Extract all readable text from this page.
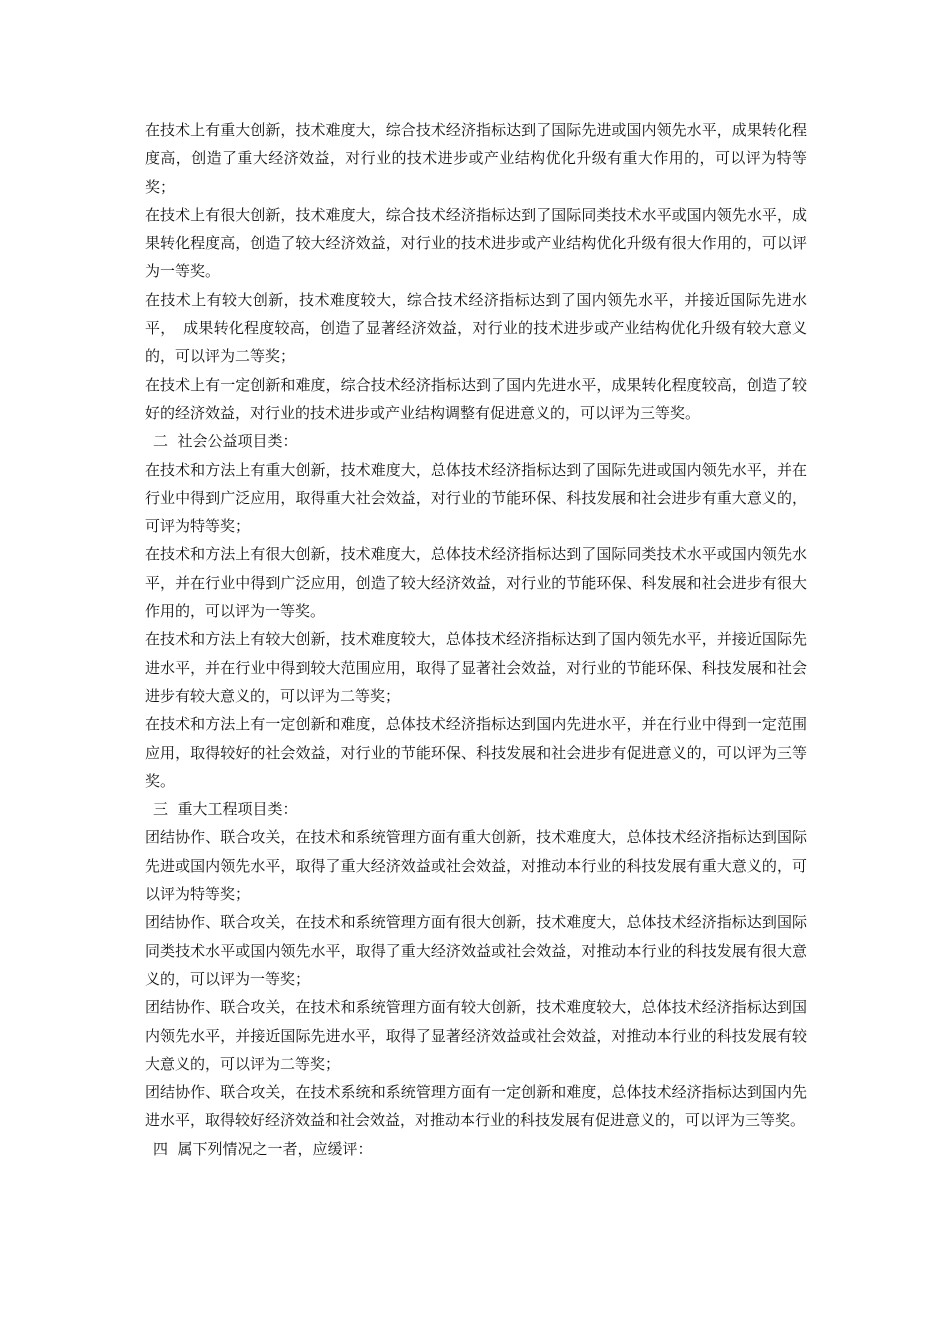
在技术上有重大创新，技术难度大，综合技术经济指标达到了国际先进或国内领先水平，成果转化程度高，创造了重大经济效益，对行业的技术进步或产业结构优化升级有重大作用的，可以评为特等奖；

在技术上有很大创新，技术难度大，综合技术经济指标达到了国际同类技术水平或国内领先水平，成果转化程度高，创造了较大经济效益，对行业的技术进步或产业结构优化升级有很大作用的，可以评为一等奖。

在技术上有较大创新，技术难度较大，综合技术经济指标达到了国内领先水平，并接近国际先进水平，　成果转化程度较高，创造了显著经济效益，对行业的技术进步或产业结构优化升级有较大意义的，可以评为二等奖；

在技术上有一定创新和难度，综合技术经济指标达到了国内先进水平，成果转化程度较高，创造了较好的经济效益，对行业的技术进步或产业结构调整有促进意义的，可以评为三等奖。

二  社会公益项目类：

在技术和方法上有重大创新，技术难度大，总体技术经济指标达到了国际先进或国内领先水平，并在行业中得到广泛应用，取得重大社会效益，对行业的节能环保、科技发展和社会进步有重大意义的，可评为特等奖；

在技术和方法上有很大创新，技术难度大，总体技术经济指标达到了国际同类技术水平或国内领先水平，并在行业中得到广泛应用，创造了较大经济效益，对行业的节能环保、科发展和社会进步有很大作用的，可以评为一等奖。

在技术和方法上有较大创新，技术难度较大，总体技术经济指标达到了国内领先水平，并接近国际先进水平，并在行业中得到较大范围应用，取得了显著社会效益，对行业的节能环保、科技发展和社会进步有较大意义的，可以评为二等奖；

在技术和方法上有一定创新和难度，总体技术经济指标达到国内先进水平，并在行业中得到一定范围应用，取得较好的社会效益，对行业的节能环保、科技发展和社会进步有促进意义的，可以评为三等奖。

三  重大工程项目类：

团结协作、联合攻关，在技术和系统管理方面有重大创新，技术难度大，总体技术经济指标达到国际先进或国内领先水平，取得了重大经济效益或社会效益，对推动本行业的科技发展有重大意义的，可以评为特等奖；

团结协作、联合攻关，在技术和系统管理方面有很大创新，技术难度大，总体技术经济指标达到国际同类技术水平或国内领先水平，取得了重大经济效益或社会效益，对推动本行业的科技发展有很大意义的，可以评为一等奖；

团结协作、联合攻关，在技术和系统管理方面有较大创新，技术难度较大，总体技术经济指标达到国内领先水平，并接近国际先进水平，取得了显著经济效益或社会效益，对推动本行业的科技发展有较大意义的，可以评为二等奖；

团结协作、联合攻关，在技术系统和系统管理方面有一定创新和难度，总体技术经济指标达到国内先进水平，取得较好经济效益和社会效益，对推动本行业的科技发展有促进意义的，可以评为三等奖。

四  属下列情况之一者，应缓评：
